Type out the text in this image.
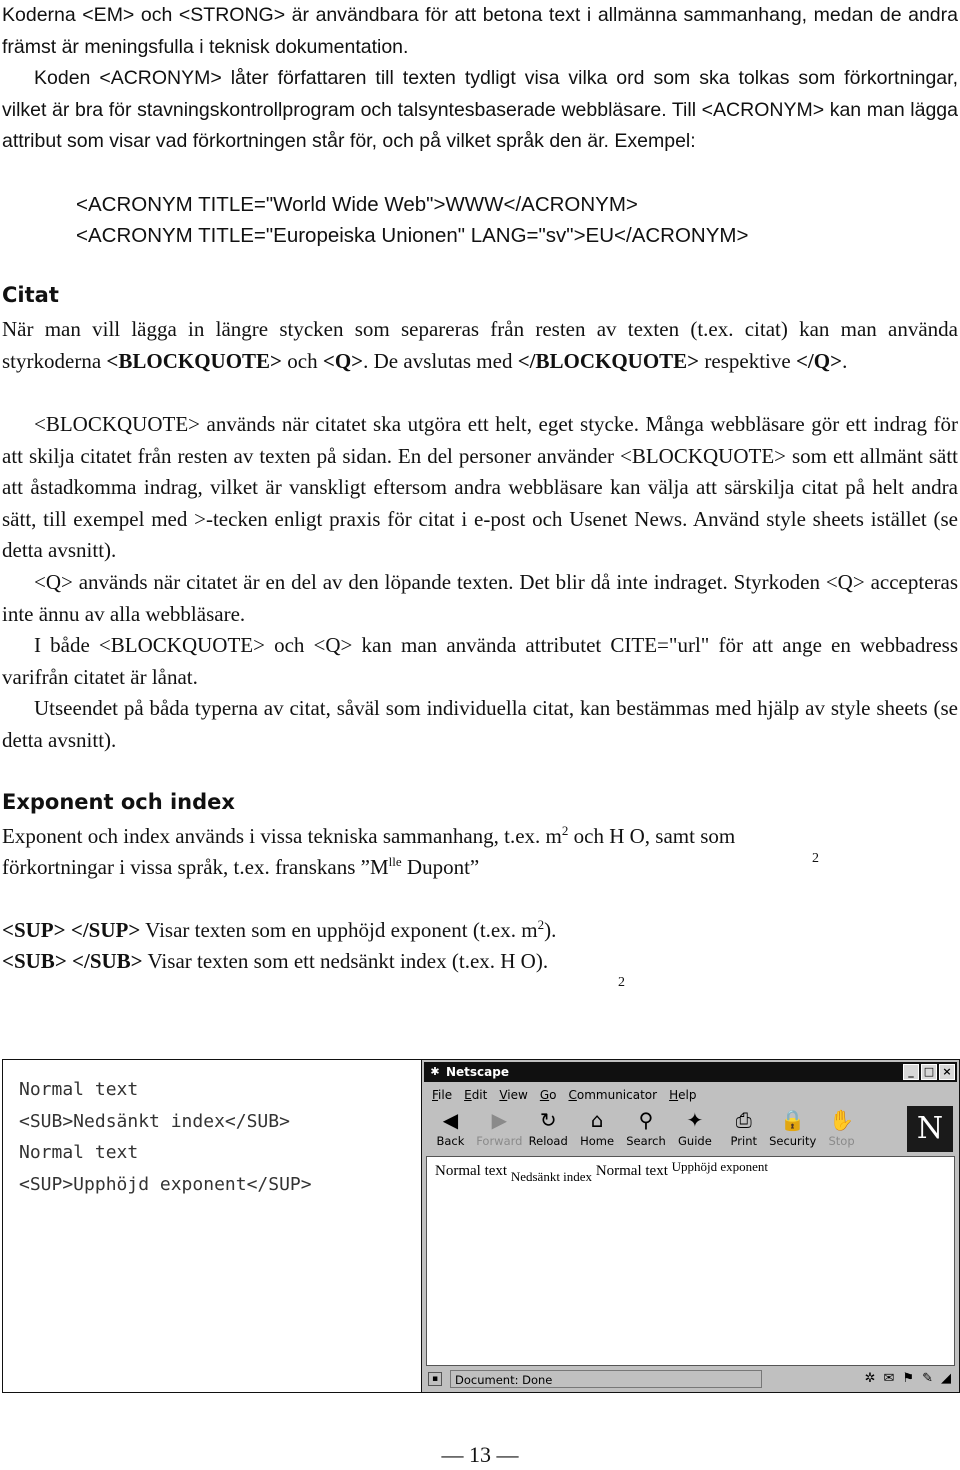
Koderna <EM> och <STRONG> är användbara för att betona text i allmänna sammanhang, medan de andra främst är meningsfulla i teknisk dokumentation.

Koden <ACRONYM> låter författaren till texten tydligt visa vilka ord som ska tolkas som förkortningar, vilket är bra för stavningskontrollprogram och talsyntesbaserade webbläsare. Till <ACRONYM> kan man lägga attribut som visar vad förkortningen står för, och på vilket språk den är. Exempel:

<ACRONYM TITLE="World Wide Web">WWW</ACRONYM>
<ACRONYM TITLE="Europeiska Unionen" LANG="sv">EU</ACRONYM>
Citat

När man vill lägga in längre stycken som separeras från resten av texten (t.ex. citat) kan man använda styrkoderna <BLOCKQUOTE> och <Q>. De avslutas med </BLOCKQUOTE> respektive </Q>.

<BLOCKQUOTE> används när citatet ska utgöra ett helt, eget stycke. Många webbläsare gör ett indrag för att skilja citatet från resten av texten på sidan. En del personer använder <BLOCKQUOTE> som ett allmänt sätt att åstadkomma indrag, vilket är vanskligt eftersom andra webbläsare kan välja att särskilja citat på helt andra sätt, till exempel med >-tecken enligt praxis för citat i e-post och Usenet News. Använd style sheets istället (se detta avsnitt).

<Q> används när citatet är en del av den löpande texten. Det blir då inte indraget. Styrkoden <Q> accepteras inte ännu av alla webbläsare.

I både <BLOCKQUOTE> och <Q> kan man använda attributet CITE="url" för att ange en webbadress varifrån citatet är lånat.

Utseendet på båda typerna av citat, såväl som individuella citat, kan bestämmas med hjälp av style sheets (se detta avsnitt).

Exponent och index

Exponent och index används i vissa tekniska sammanhang, t.ex. $m^2$ och H O, samt som

2

förkortningar i vissa språk, t.ex. franskans $”M^{lle}$ Dupont”

<SUP> </SUP> Visar texten som en upphöjd exponent (t.ex. $m^2$).

<SUB> </SUB> Visar texten som ett nedsänkt index (t.ex. H O).

2
Normal text
<SUB>Nedsänkt index</SUB>
Normal text
<SUP>Upphöjd exponent</SUP>
✱ Netscape	_ □ ×
File Edit View Go Communicator Help
◀
Back
▶
Forward
↻
Reload
⌂
Home
⚲
Search
✦
Guide
⎙
Print
🔒
Security
✋
Stop	N
Normal text Nedsänkt index Normal text Upphöjd exponent
▪	Document: Done	✲ ✉ ⚑ ✎ ◢
— 13 —
